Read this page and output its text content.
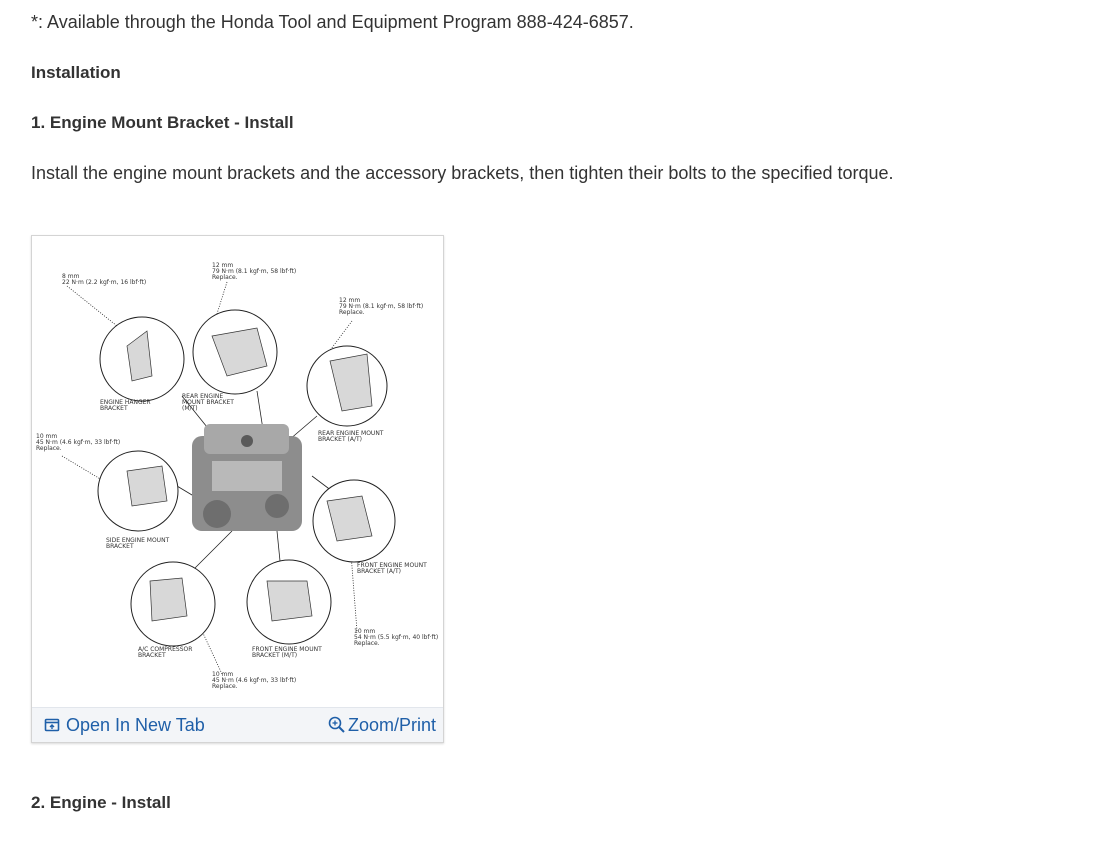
*: Available through the Honda Tool and Equipment Program 888-424-6857.
Installation
1. Engine Mount Bracket - Install
Install the engine mount brackets and the accessory brackets, then tighten their bolts to the specified torque.
8 mm
22 N·m (2.2 kgf·m, 16 lbf·ft)
ENGINE HANGER
BRACKET
12 mm
79 N·m (8.1 kgf·m, 58 lbf·ft)
Replace.
REAR ENGINE
MOUNT BRACKET
(M/T)
12 mm
79 N·m (8.1 kgf·m, 58 lbf·ft)
Replace.
REAR ENGINE MOUNT
BRACKET (A/T)
10 mm
45 N·m (4.6 kgf·m, 33 lbf·ft)
Replace.
SIDE ENGINE MOUNT
BRACKET
FRONT ENGINE MOUNT
BRACKET (A/T)
10 mm
54 N·m (5.5 kgf·m, 40 lbf·ft)
Replace.
A/C COMPRESSOR
BRACKET
FRONT ENGINE MOUNT
BRACKET (M/T)
10 mm
45 N·m (4.6 kgf·m, 33 lbf·ft)
Replace.
Open In New Tab	Zoom/Print
2. Engine - Install
